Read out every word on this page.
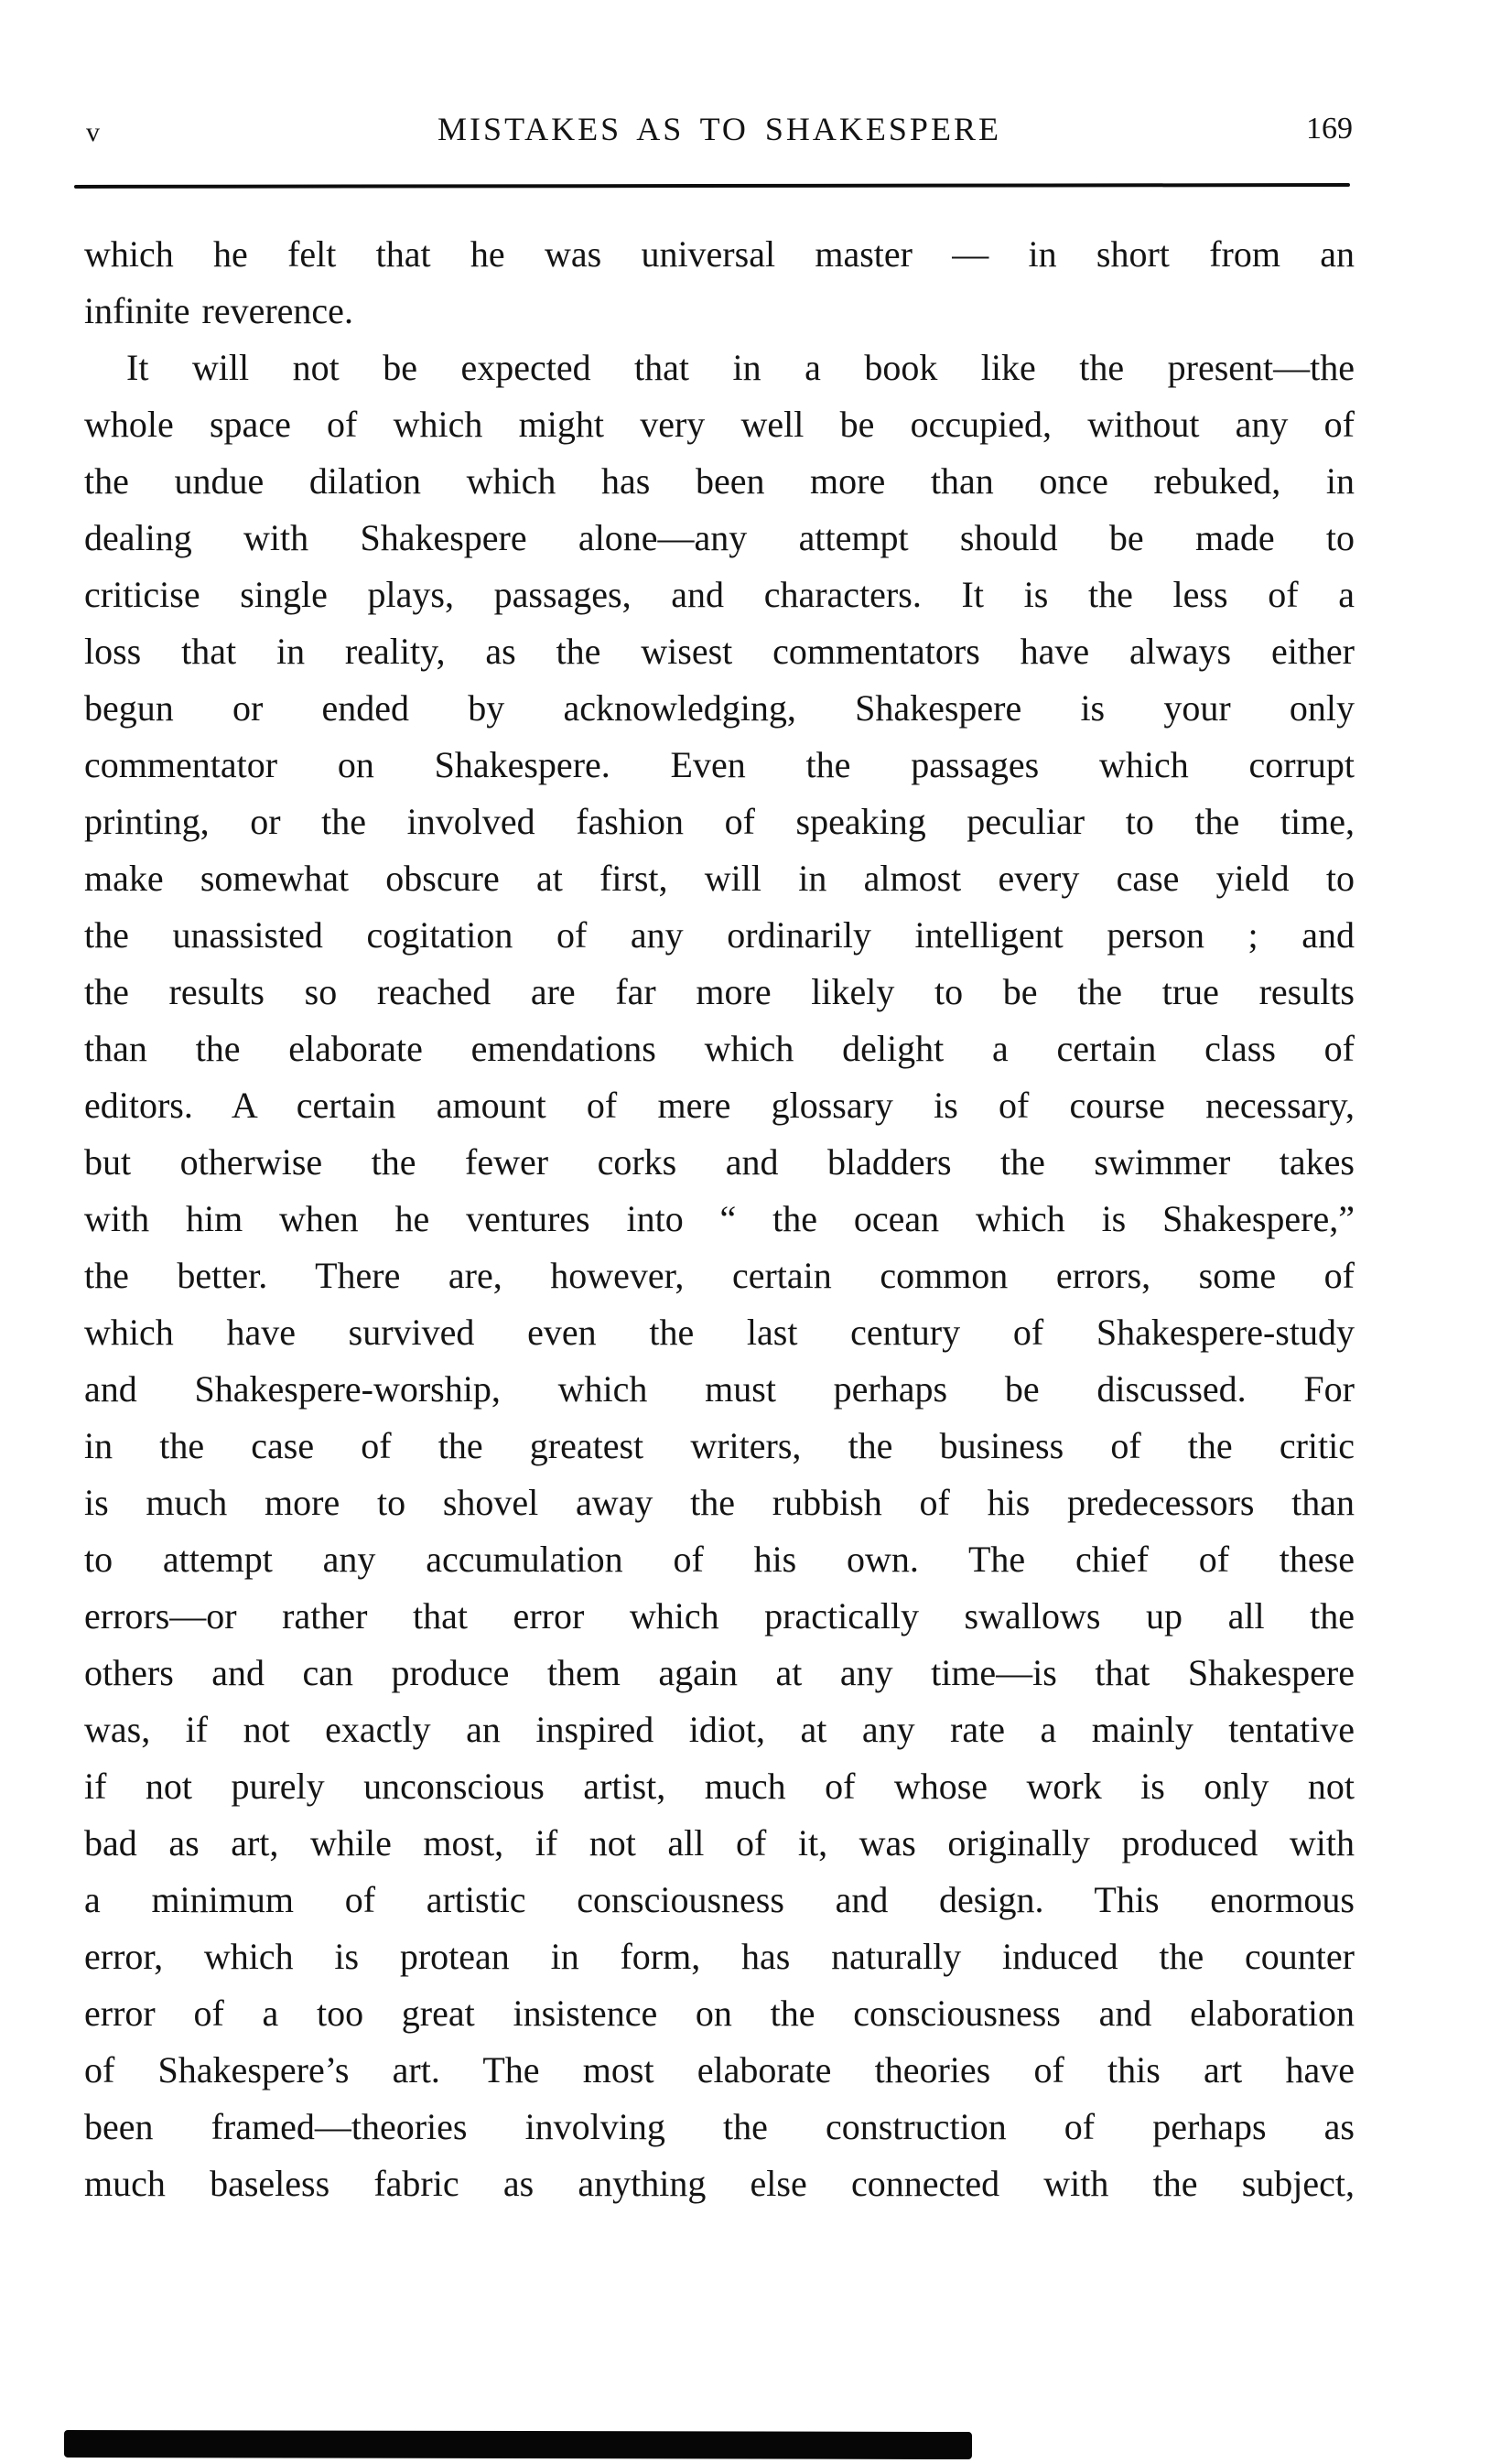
v	MISTAKES AS TO SHAKESPERE	169
which he felt that he was universal master — in short from an
infinite reverence.
It will not be expected that in a book like the present—the
whole space of which might very well be occupied, without any of
the undue dilation which has been more than once rebuked, in
dealing with Shakespere alone—any attempt should be made to
criticise single plays, passages, and characters. It is the less of a
loss that in reality, as the wisest commentators have always either
begun or ended by acknowledging, Shakespere is your only
commentator on Shakespere. Even the passages which corrupt
printing, or the involved fashion of speaking peculiar to the time,
make somewhat obscure at first, will in almost every case yield to
the unassisted cogitation of any ordinarily intelligent person ; and
the results so reached are far more likely to be the true results
than the elaborate emendations which delight a certain class of
editors. A certain amount of mere glossary is of course necessary,
but otherwise the fewer corks and bladders the swimmer takes
with him when he ventures into “ the ocean which is Shakespere,”
the better. There are, however, certain common errors, some of
which have survived even the last century of Shakespere-study
and Shakespere-worship, which must perhaps be discussed. For
in the case of the greatest writers, the business of the critic
is much more to shovel away the rubbish of his predecessors than
to attempt any accumulation of his own. The chief of these
errors—or rather that error which practically swallows up all the
others and can produce them again at any time—is that Shakespere
was, if not exactly an inspired idiot, at any rate a mainly tentative
if not purely unconscious artist, much of whose work is only not
bad as art, while most, if not all of it, was originally produced with
a minimum of artistic consciousness and design. This enormous
error, which is protean in form, has naturally induced the counter
error of a too great insistence on the consciousness and elaboration
of Shakespere’s art. The most elaborate theories of this art have
been framed—theories involving the construction of perhaps as
much baseless fabric as anything else connected with the subject,
